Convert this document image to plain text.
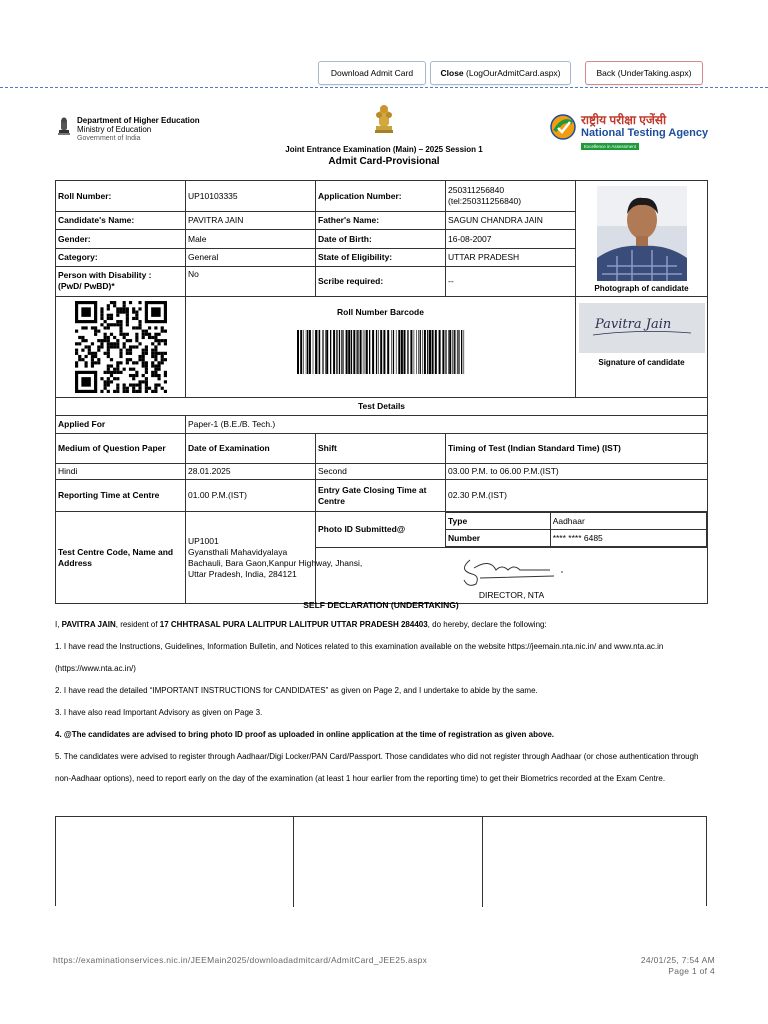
Download Admit Card	Close (LogOurAdmitCard.aspx)	Back (UnderTaking.aspx)
Department of Higher Education
Ministry of Education
Government of India
Joint Entrance Examination (Main) – 2025 Session 1
Admit Card-Provisional
राष्ट्रीय परीक्षा एजेंसी
National Testing Agency
Excellence in Assessment
Roll Number:	UP10103335	Application Number:	
250311256840
(tel:250311256840)

Photograph of candidate

Candidate's Name:	PAVITRA JAIN	Father's Name:	SAGUN CHANDRA JAIN
Gender:	Male	Date of Birth:	16-08-2007
Category:	General	State of Eligibility:	UTTAR PRADESH

Person with Disability :
(PwD/ PwBD)*
	No	Scribe required:	--

Roll Number Barcode

Pavitra Jain
Signature of candidate

Test Details
Applied For	Paper-1 (B.E./B. Tech.)
Medium of Question Paper	Date of Examination	Shift	Timing of Test (Indian Standard Time) (IST)
Hindi	28.01.2025	Second	03.00 P.M. to 06.00 P.M.(IST)
Reporting Time at Centre	01.00 P.M.(IST)	Entry Gate Closing Time at Centre	02.30 P.M.(IST)
Test Centre Code, Name and Address	
UP1001
Gyansthali Mahavidyalaya
Bachauli, Bara Gaon,Kanpur Highway, Jhansi,
Uttar Pradesh, India, 284121
	Photo ID Submitted@	
Type	Aadhaar
Number	**** **** 6485

DIRECTOR, NTA
SELF DECLARATION (UNDERTAKING)

I, PAVITRA JAIN, resident of 17 CHHTRASAL PURA LALITPUR LALITPUR UTTAR PRADESH 284403, do hereby, declare the following:

1. I have read the Instructions, Guidelines, Information Bulletin, and Notices related to this examination available on the website https://jeemain.nta.nic.in/ and www.nta.ac.in (https://www.nta.ac.in/)

2. I have read the detailed “IMPORTANT INSTRUCTIONS for CANDIDATES” as given on Page 2, and I undertake to abide by the same.

3. I have also read Important Advisory as given on Page 3.

4. @The candidates are advised to bring photo ID proof as uploaded in online application at the time of registration as given above.

5. The candidates were advised to register through Aadhaar/Digi Locker/PAN Card/Passport. Those candidates who did not register through Aadhaar (or chose authentication through non-Aadhaar options), need to report early on the day of the examination (at least 1 hour earlier from the reporting time) to get their Biometrics recorded at the Exam Centre.

https://examinationservices.nic.in/JEEMain2025/downloadadmitcard/AdmitCard_JEE25.aspx	24/01/25, 7:54 AM
Page 1 of 4
